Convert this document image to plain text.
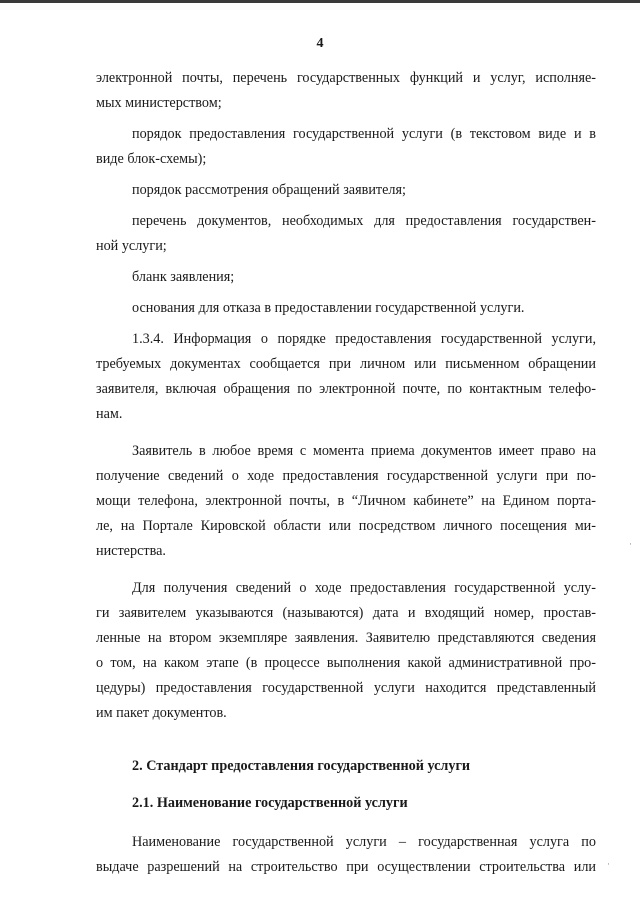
4

электронной почты, перечень государственных функций и услуг, исполняе-
мых министерством;

порядок предоставления государственной услуги (в текстовом виде и в
виде блок-схемы);

порядок рассмотрения обращений заявителя;

перечень документов, необходимых для предоставления государствен-
ной услуги;

бланк заявления;

основания для отказа в предоставлении государственной услуги.

1.3.4. Информация о порядке предоставления государственной услуги,
требуемых документах сообщается при личном или письменном обращении
заявителя, включая обращения по электронной почте, по контактным телефо-
нам.

Заявитель в любое время с момента приема документов имеет право на
получение сведений о ходе предоставления государственной услуги при по-
мощи телефона, электронной почты, в “Личном кабинете” на Едином порта-
ле, на Портале Кировской области или посредством личного посещения ми-
нистерства.

Для получения сведений о ходе предоставления государственной услу-
ги заявителем указываются (называются) дата и входящий номер, простав-
ленные на втором экземпляре заявления. Заявителю представляются сведения
о том, на каком этапе (в процессе выполнения какой административной про-
цедуры) предоставления государственной услуги находится представленный
им пакет документов.

2. Стандарт предоставления государственной услуги

2.1. Наименование государственной услуги

Наименование государственной услуги – государственная услуга по
выдаче разрешений на строительство при осуществлении строительства или

·
·
